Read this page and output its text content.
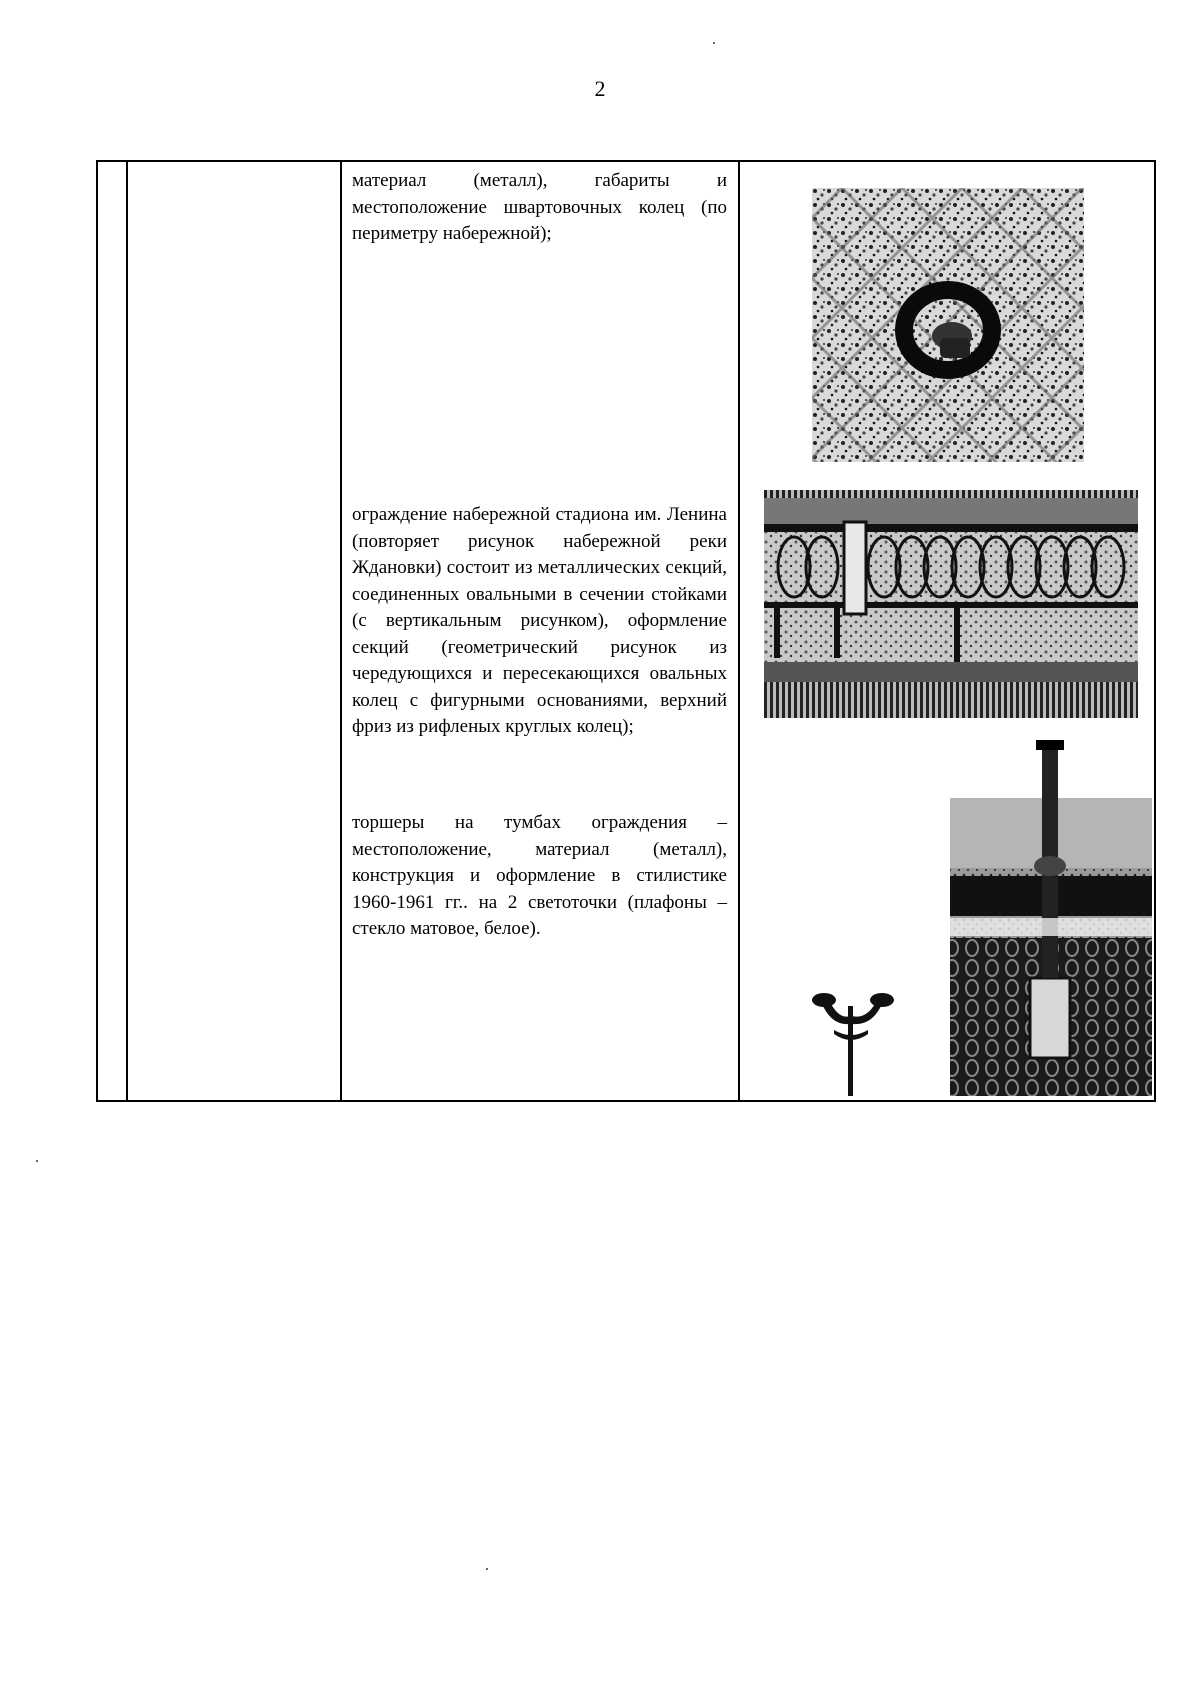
2

материал (металл), габариты и местоположение швартовочных колец (по периметру набережной);

ограждение набережной стадиона им. Ленина (повторяет рисунок набережной реки Ждановки) состоит из металлических секций, соединенных овальными в сечении стойками (с вертикальным рисунком), оформление секций (геометрический рисунок из чередующихся и пересекающихся овальных колец с фигурными основаниями, верхний фриз из рифленых круглых колец);

торшеры на тумбах ограждения – местоположение, материал (металл), конструкция и оформление в стилистике 1960-1961 гг.. на 2 светоточки (плафоны – стекло матовое, белое).
